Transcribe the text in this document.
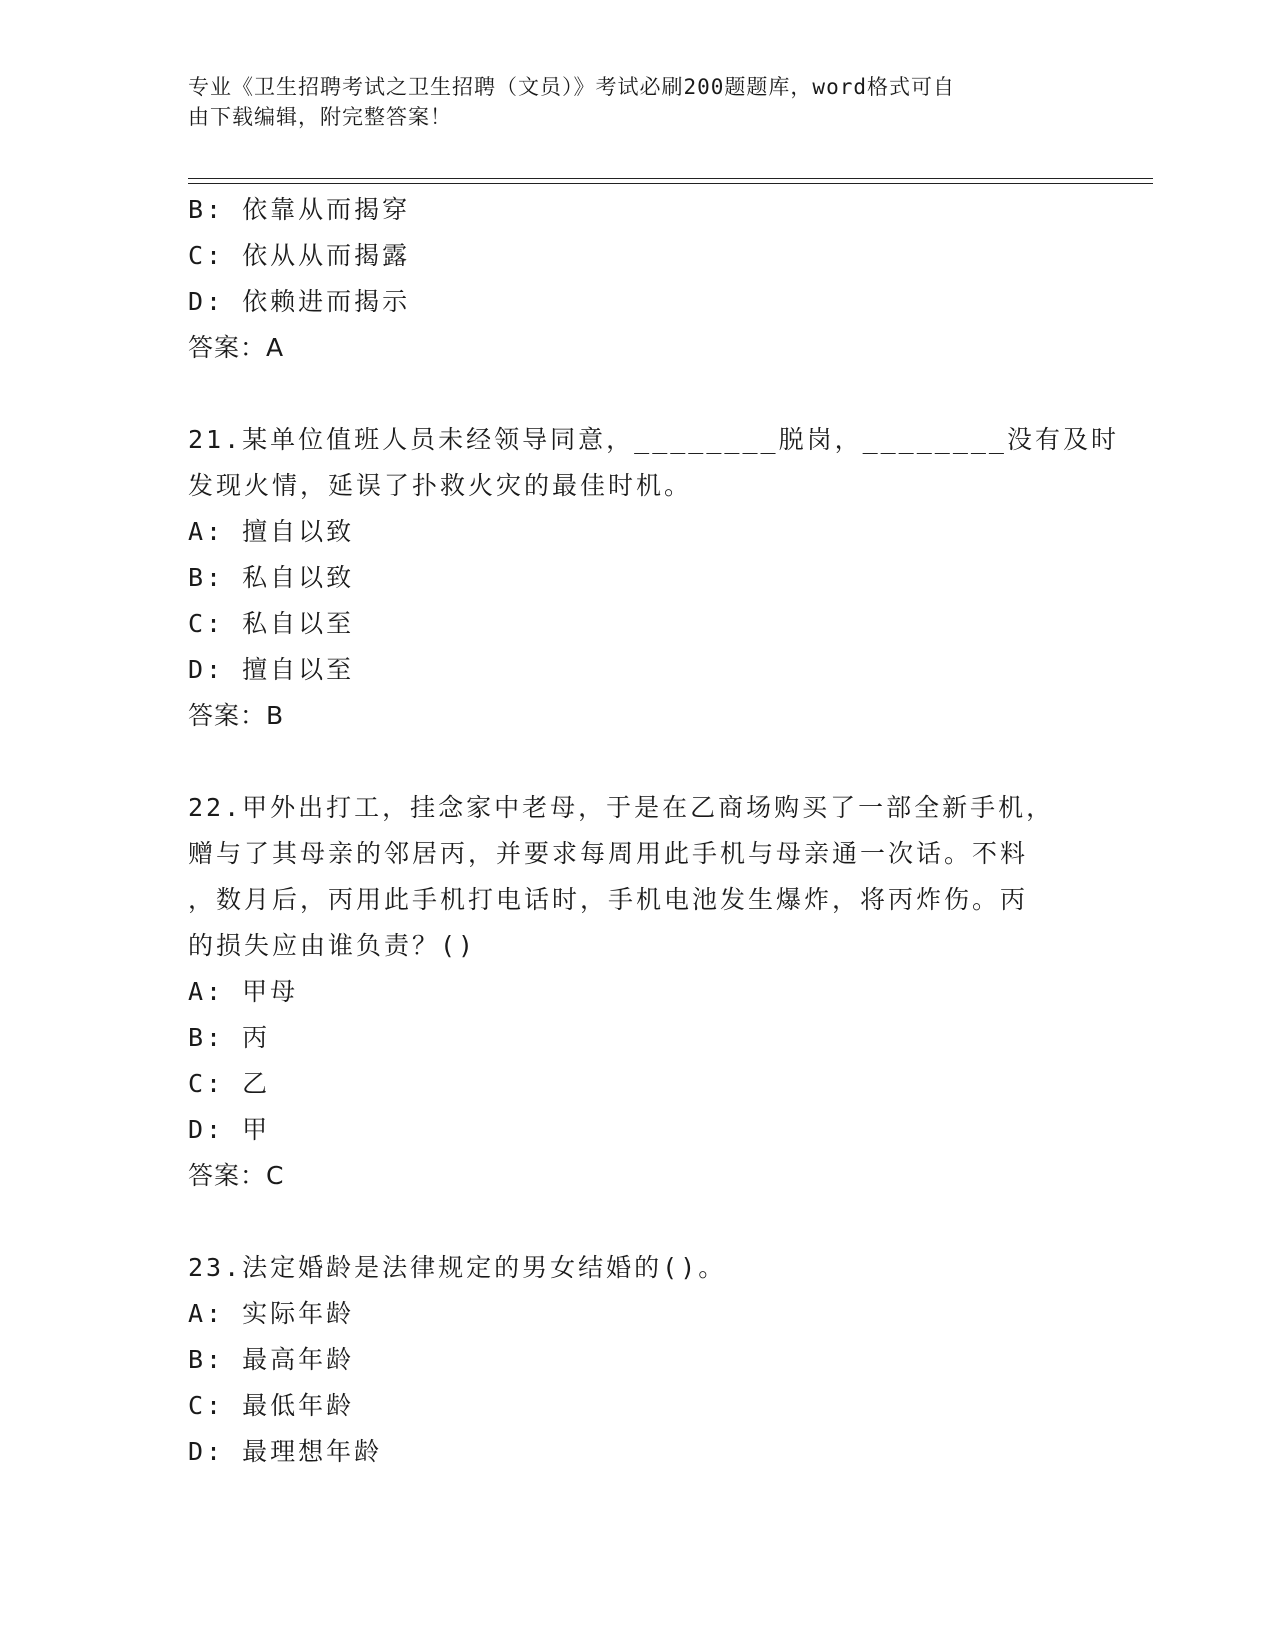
专业《卫生招聘考试之卫生招聘（文员）》考试必刷200题题库，word格式可自
由下载编辑，附完整答案！
B: 依靠从而揭穿
C: 依从从而揭露
D: 依赖进而揭示
答案：A
21.某单位值班人员未经领导同意，________脱岗，________没有及时
发现火情，延误了扑救火灾的最佳时机。
A: 擅自以致
B: 私自以致
C: 私自以至
D: 擅自以至
答案：B
22.甲外出打工，挂念家中老母，于是在乙商场购买了一部全新手机，
赠与了其母亲的邻居丙，并要求每周用此手机与母亲通一次话。不料
，数月后，丙用此手机打电话时，手机电池发生爆炸，将丙炸伤。丙
的损失应由谁负责？()
A: 甲母
B: 丙
C: 乙
D: 甲
答案：C
23.法定婚龄是法律规定的男女结婚的()。
A: 实际年龄
B: 最高年龄
C: 最低年龄
D: 最理想年龄
